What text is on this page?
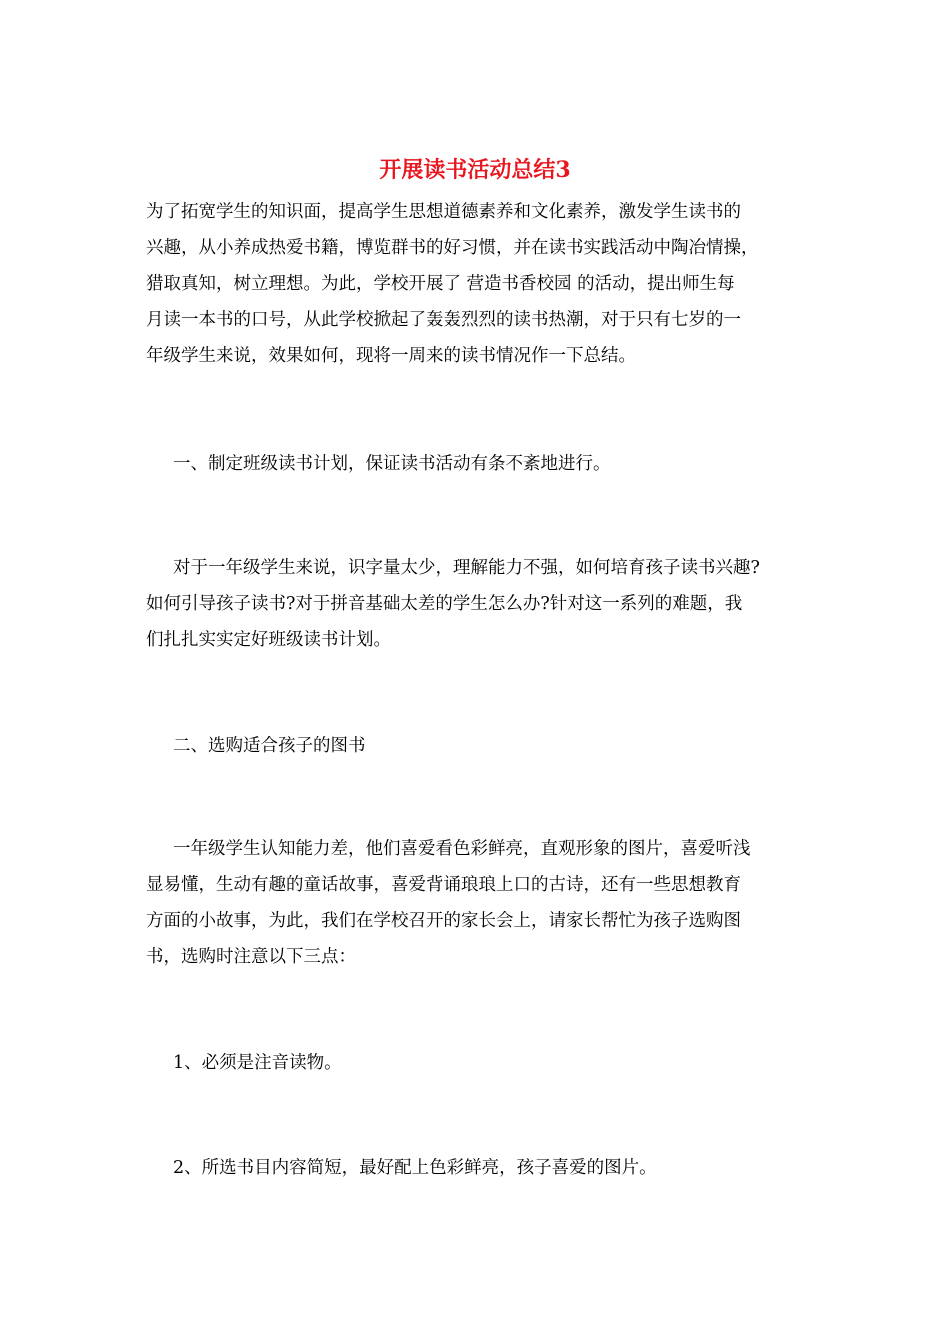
开展读书活动总结3

为了拓宽学生的知识面，提高学生思想道德素养和文化素养，激发学生读书的

兴趣，从小养成热爱书籍，博览群书的好习惯，并在读书实践活动中陶冶情操，

猎取真知，树立理想。为此，学校开展了 营造书香校园 的活动，提出师生每

月读一本书的口号，从此学校掀起了轰轰烈烈的读书热潮，对于只有七岁的一

年级学生来说，效果如何，现将一周来的读书情况作一下总结。

一、制定班级读书计划，保证读书活动有条不紊地进行。

对于一年级学生来说，识字量太少，理解能力不强，如何培育孩子读书兴趣?

如何引导孩子读书?对于拼音基础太差的学生怎么办?针对这一系列的难题，我

们扎扎实实定好班级读书计划。

二、选购适合孩子的图书

一年级学生认知能力差，他们喜爱看色彩鲜亮，直观形象的图片，喜爱听浅

显易懂，生动有趣的童话故事，喜爱背诵琅琅上口的古诗，还有一些思想教育

方面的小故事，为此，我们在学校召开的家长会上，请家长帮忙为孩子选购图

书，选购时注意以下三点：

1、必须是注音读物。

2、所选书目内容简短，最好配上色彩鲜亮，孩子喜爱的图片。
